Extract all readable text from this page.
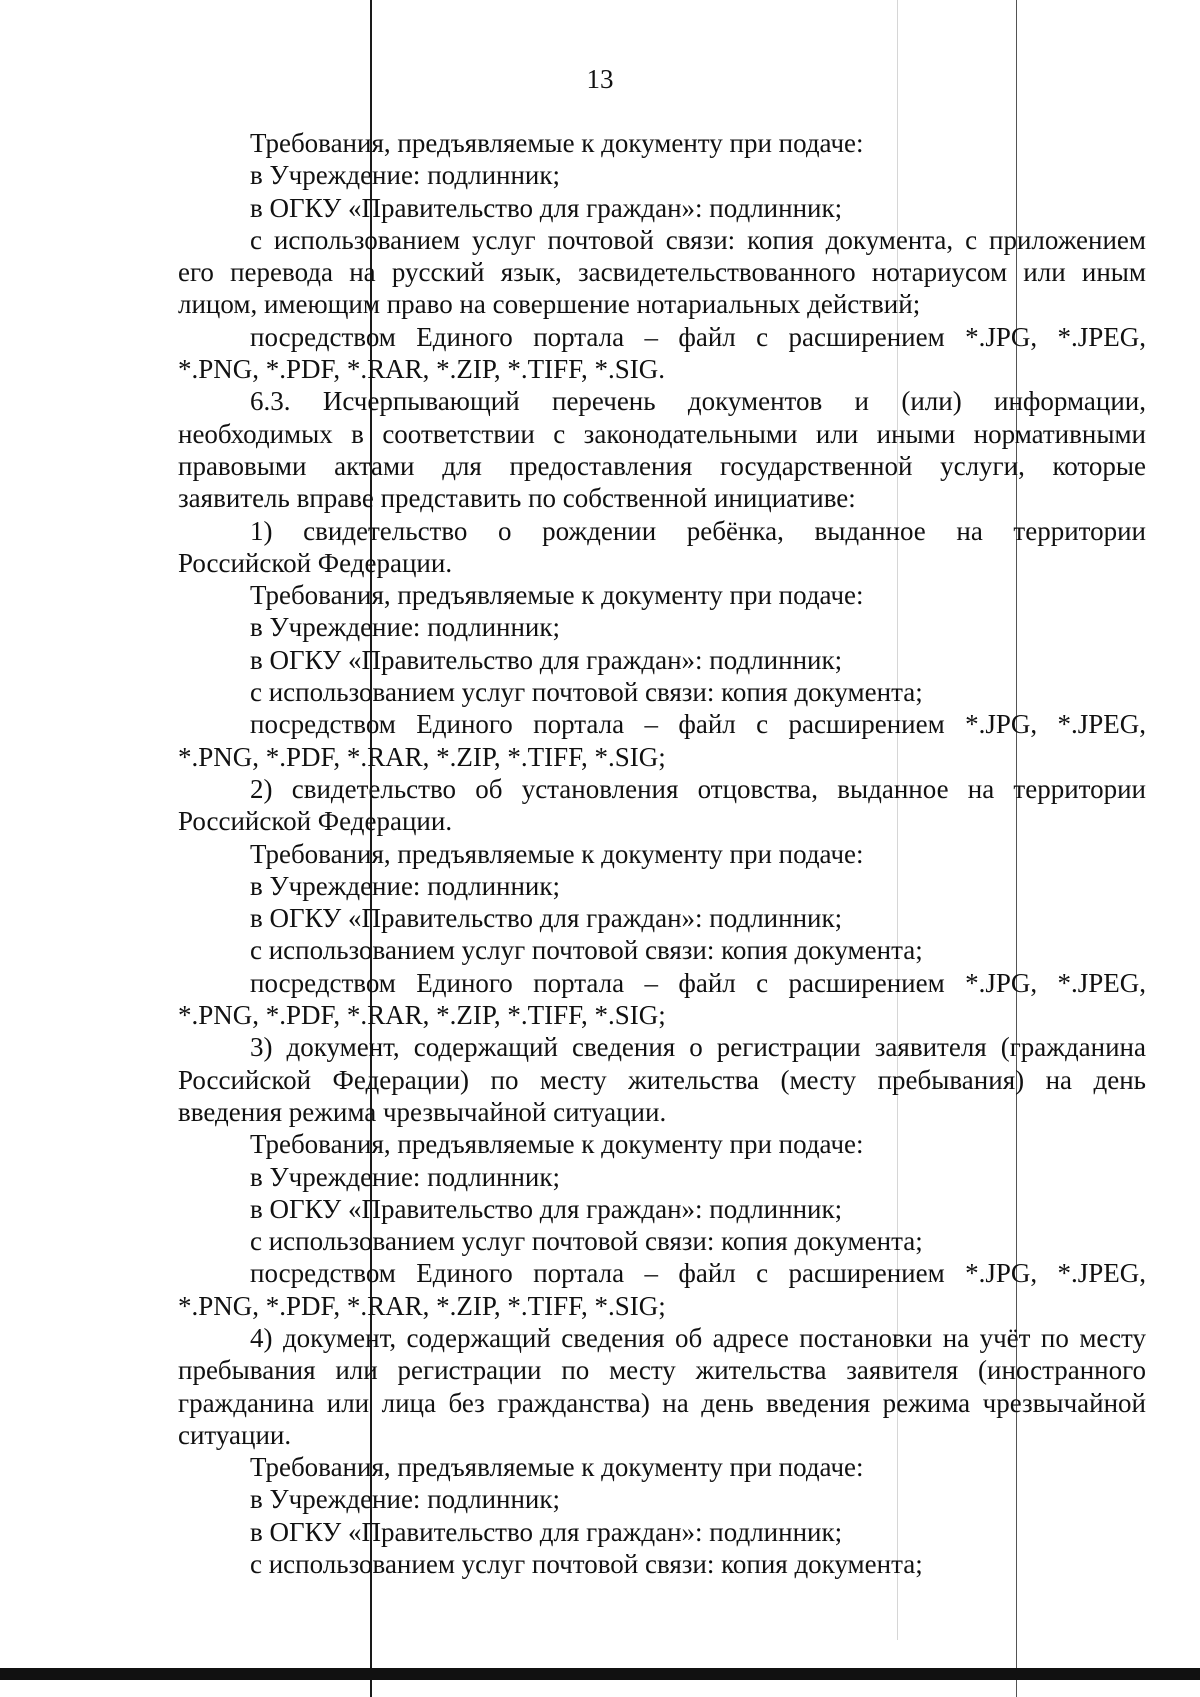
13
Требования, предъявляемые к документу при подаче:
в Учреждение: подлинник;
в ОГКУ «Правительство для граждан»: подлинник;
с использованием услуг почтовой связи: копия документа, с приложением
его перевода на русский язык, засвидетельствованного нотариусом или иным
лицом, имеющим право на совершение нотариальных действий;
посредством Единого портала – файл с расширением *.JPG, *.JPEG,
*.PNG, *.PDF, *.RAR, *.ZIP, *.TIFF, *.SIG.
6.3. Исчерпывающий перечень документов и (или) информации,
необходимых в соответствии с законодательными или иными нормативными
правовыми актами для предоставления государственной услуги, которые
заявитель вправе представить по собственной инициативе:
1) свидетельство о рождении ребёнка, выданное на территории
Российской Федерации.
Требования, предъявляемые к документу при подаче:
в Учреждение: подлинник;
в ОГКУ «Правительство для граждан»: подлинник;
с использованием услуг почтовой связи: копия документа;
посредством Единого портала – файл с расширением *.JPG, *.JPEG,
*.PNG, *.PDF, *.RAR, *.ZIP, *.TIFF, *.SIG;
2) свидетельство об установления отцовства, выданное на территории
Российской Федерации.
Требования, предъявляемые к документу при подаче:
в Учреждение: подлинник;
в ОГКУ «Правительство для граждан»: подлинник;
с использованием услуг почтовой связи: копия документа;
посредством Единого портала – файл с расширением *.JPG, *.JPEG,
*.PNG, *.PDF, *.RAR, *.ZIP, *.TIFF, *.SIG;
3) документ, содержащий сведения о регистрации заявителя (гражданина
Российской Федерации) по месту жительства (месту пребывания) на день
введения режима чрезвычайной ситуации.
Требования, предъявляемые к документу при подаче:
в Учреждение: подлинник;
в ОГКУ «Правительство для граждан»: подлинник;
с использованием услуг почтовой связи: копия документа;
посредством Единого портала – файл с расширением *.JPG, *.JPEG,
*.PNG, *.PDF, *.RAR, *.ZIP, *.TIFF, *.SIG;
4) документ, содержащий сведения об адресе постановки на учёт по месту
пребывания или регистрации по месту жительства заявителя (иностранного
гражданина или лица без гражданства) на день введения режима чрезвычайной
ситуации.
Требования, предъявляемые к документу при подаче:
в Учреждение: подлинник;
в ОГКУ «Правительство для граждан»: подлинник;
с использованием услуг почтовой связи: копия документа;
